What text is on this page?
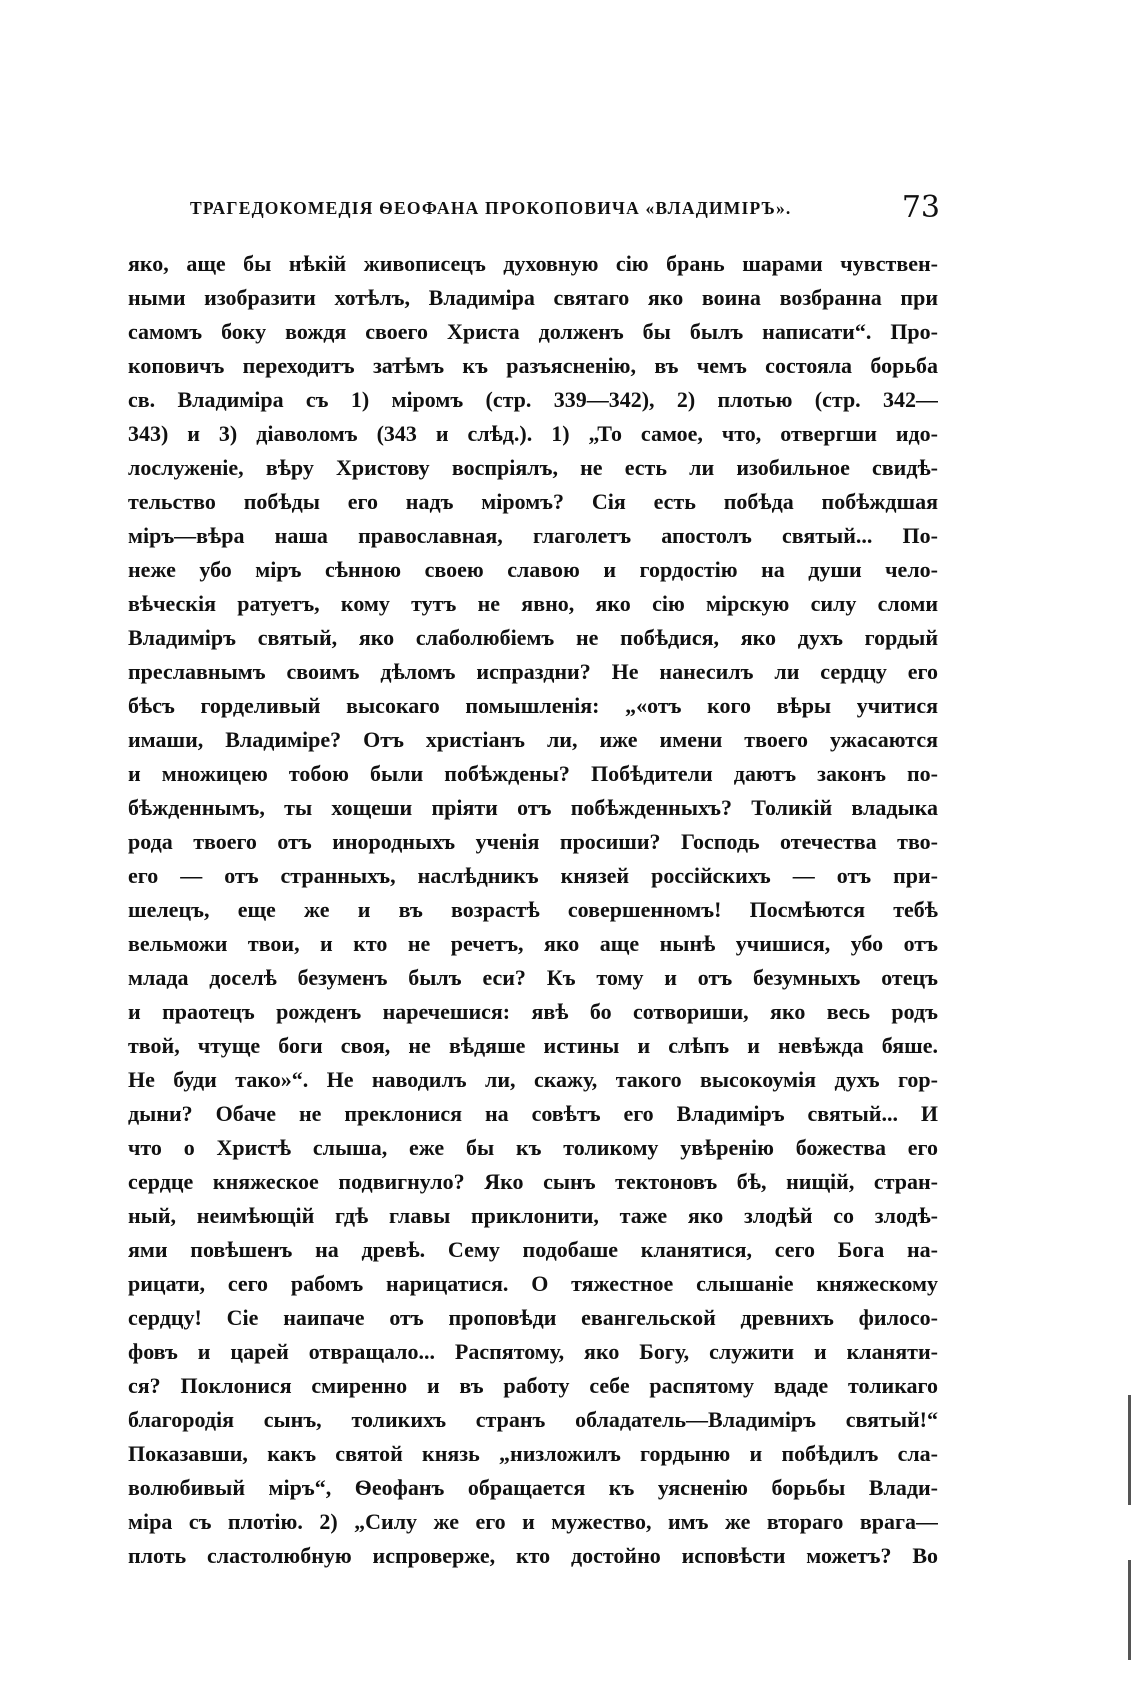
ТРАГЕДОКОМЕДІЯ ѲЕОФАНА ПРОКОПОВИЧА «ВЛАДИМІРЪ».	73
яко, аще бы нѣкій живописецъ духовную сію брань шарами чувствен-
ными изобразити хотѣлъ, Владиміра святаго яко воина возбранна при
самомъ боку вождя своего Христа долженъ бы былъ написати“. Про-
коповичъ переходитъ затѣмъ къ разъясненію, въ чемъ состояла борьба
св. Владиміра съ 1) міромъ (стр. 339—342), 2) плотью (стр. 342—
343) и 3) діаволомъ (343 и слѣд.). 1) „То самое, что, отвергши идо-
лослуженіе, вѣру Христову воспріялъ, не есть ли изобильное свидѣ-
тельство побѣды его надъ міромъ? Сія есть побѣда побѣждшая
міръ—вѣра наша православная, глаголетъ апостолъ святый... По-
неже убо міръ сѣнною своею славою и гордостію на души чело-
вѣческія ратуетъ, кому тутъ не явно, яко сію мірскую силу сломи
Владиміръ святый, яко слаболюбіемъ не побѣдися, яко духъ гордый
преславнымъ своимъ дѣломъ испраздни? Не нанесилъ ли сердцу его
бѣсъ горделивый высокаго помышленія: „«отъ кого вѣры учитися
имаши, Владиміре? Отъ христіанъ ли, иже имени твоего ужасаются
и множицею тобою были побѣждены? Побѣдители даютъ законъ по-
бѣжденнымъ, ты хощеши пріяти отъ побѣжденныхъ? Толикій владыка
рода твоего отъ инородныхъ ученія просиши? Господь отечества тво-
его — отъ странныхъ, наслѣдникъ князей россійскихъ — отъ при-
шелецъ, еще же и въ возрастѣ совершенномъ! Посмѣются тебѣ
вельможи твои, и кто не речетъ, яко аще нынѣ учишися, убо отъ
млада доселѣ безуменъ былъ еси? Къ тому и отъ безумныхъ отецъ
и праотецъ рожденъ наречешися: явѣ бо сотвориши, яко весь родъ
твой, чтуще боги своя, не вѣдяше истины и слѣпъ и невѣжда бяше.
Не буди тако»“. Не наводилъ ли, скажу, такого высокоумія духъ гор-
дыни? Обаче не преклонися на совѣтъ его Владиміръ святый... И
что о Христѣ слыша, еже бы къ толикому увѣренію божества его
сердце княжеское подвигнуло? Яко сынъ тектоновъ бѣ, нищій, стран-
ный, неимѣющій гдѣ главы приклонити, таже яко злодѣй со злодѣ-
ями повѣшенъ на древѣ. Сему подобаше кланятися, сего Бога на-
рицати, сего рабомъ нарицатися. О тяжестное слышаніе княжескому
сердцу! Сіе наипаче отъ проповѣди евангельской древнихъ филосо-
фовъ и царей отвращало... Распятому, яко Богу, служити и кланяти-
ся? Поклонися смиренно и въ работу себе распятому вдаде толикаго
благородія сынъ, толикихъ странъ обладатель—Владиміръ святый!“
Показавши, какъ святой князь „низложилъ гордыню и побѣдилъ сла-
волюбивый міръ“, Ѳеофанъ обращается къ уясненію борьбы Влади-
міра съ плотію. 2) „Силу же его и мужество, имъ же втораго врага—
плоть сластолюбную испроверже, кто достойно исповѣсти можетъ? Во
